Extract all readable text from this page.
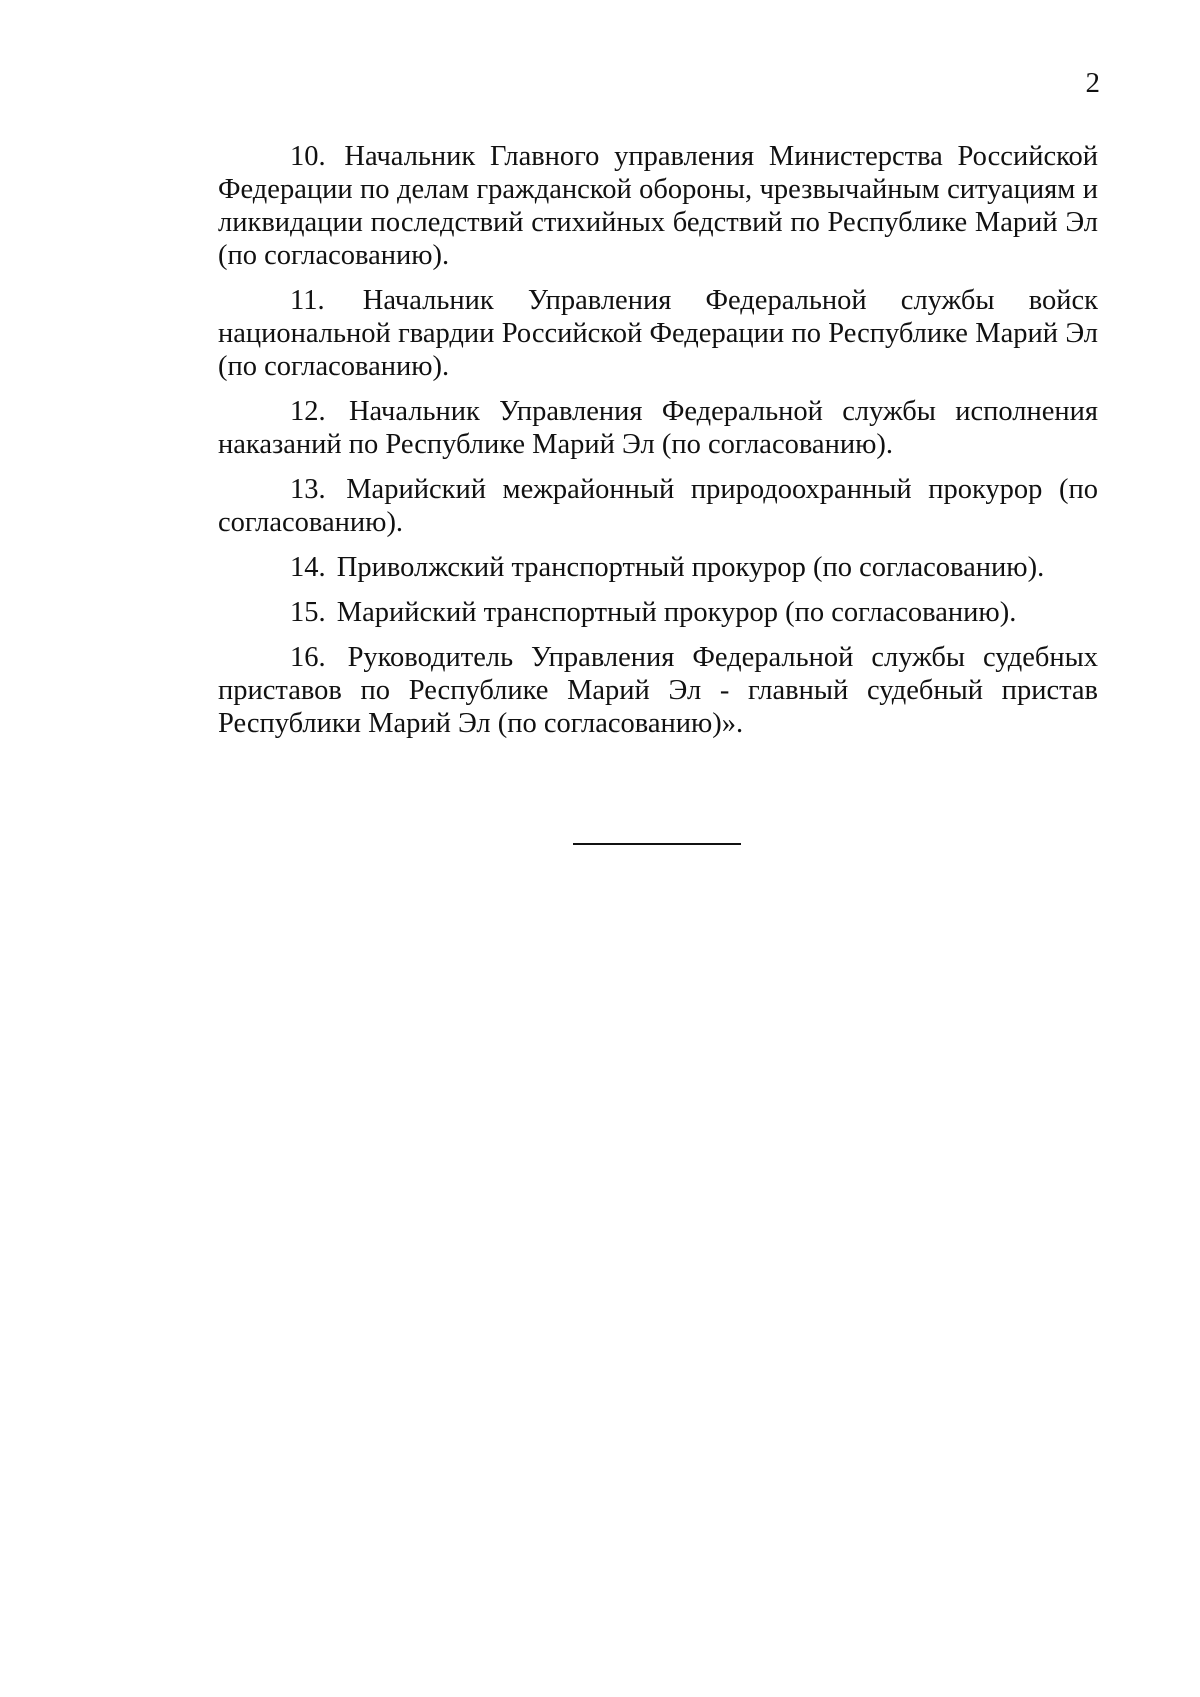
2

10. Начальник Главного управления Министерства Российской Федерации по делам гражданской обороны, чрезвычайным ситуациям и ликвидации последствий стихийных бедствий по Республике Марий Эл (по согласованию).

11. Начальник Управления Федеральной службы войск национальной гвардии Российской Федерации по Республике Марий Эл (по согласованию).

12. Начальник Управления Федеральной службы исполнения наказаний по Республике Марий Эл (по согласованию).

13. Марийский межрайонный природоохранный прокурор (по согласованию).

14. Приволжский транспортный прокурор (по согласованию).

15. Марийский транспортный прокурор (по согласованию).

16. Руководитель Управления Федеральной службы судебных приставов по Республике Марий Эл - главный судебный пристав Республики Марий Эл (по согласованию)».
